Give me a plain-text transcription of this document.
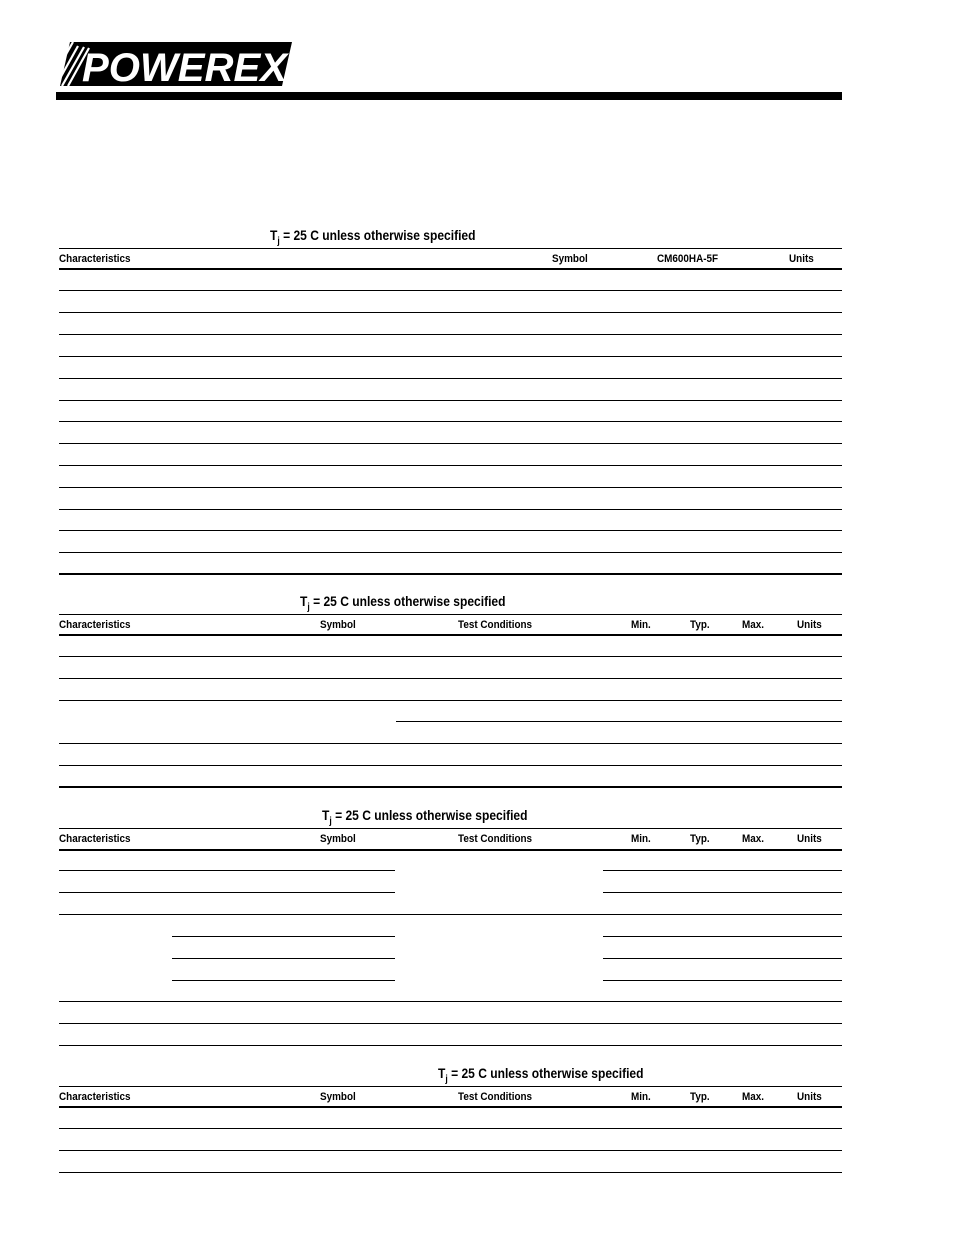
POWEREX
$T_j = 25$ C unless otherwise specified
Characteristics	Symbol	CM600HA-5F	Units
$T_j = 25$ C unless otherwise specified
Characteristics	Symbol	Test Conditions	Min.	Typ.	Max.	Units
$T_j = 25$ C unless otherwise specified
Characteristics	Symbol	Test Conditions	Min.	Typ.	Max.	Units
$T_j = 25$ C unless otherwise specified
Characteristics	Symbol	Test Conditions	Min.	Typ.	Max.	Units
